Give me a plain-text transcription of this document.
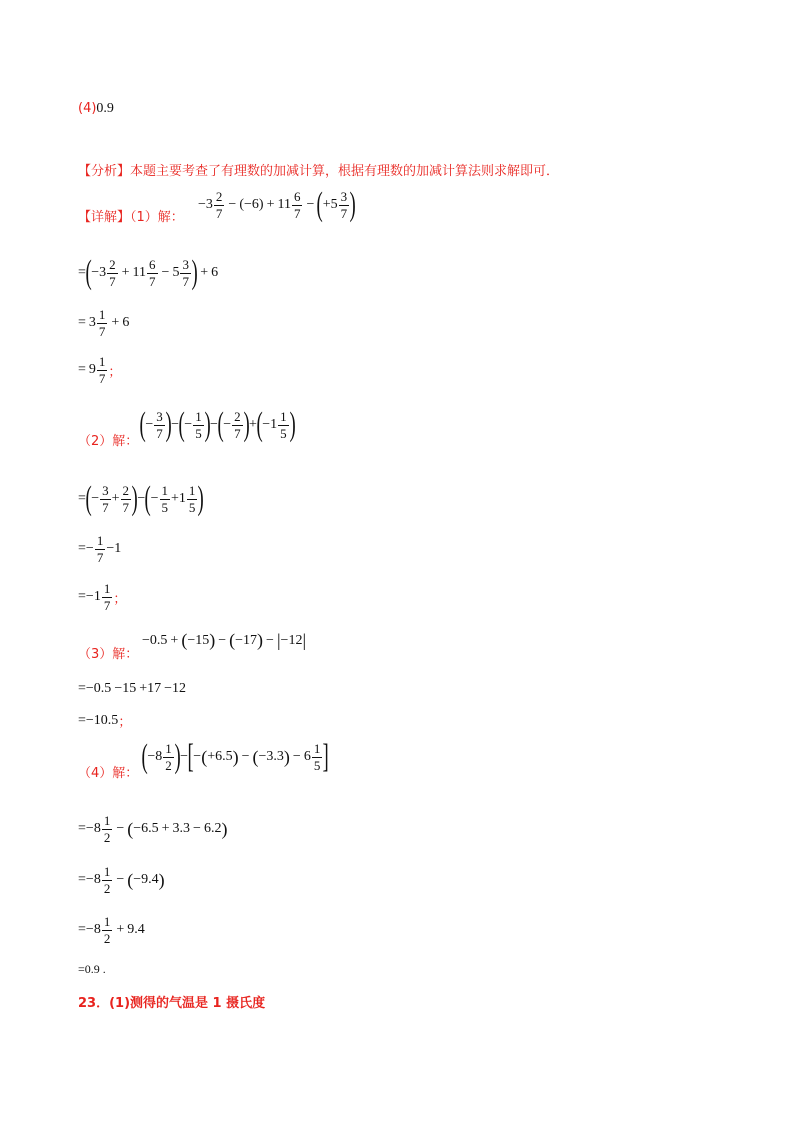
(4)0.9
【分析】本题主要考查了有理数的加减计算，根据有理数的加减计算法则求解即可．
【详解】（1）解：
− $3 \frac{2}{7}$ − ( −6 ) + $11 \frac{6}{7}$ − ( + $5 \frac{3}{7}$ )
= ( − $3 \frac{2}{7} + 11 \frac{6}{7} - 5 \frac{3}{7}$ ) + 6
= $3 \frac{1}{7} + 6$
= $9 \frac{1}{7}$ ；
（2）解： ( − $\frac{3}{7}$ ) − ( − $\frac{1}{5}$ ) − ( − $\frac{2}{7}$ ) + ( − $1 \frac{1}{5}$ )
= ( − $\frac{3}{7} + \frac{2}{7}$ ) − ( − $\frac{1}{5} + 1 \frac{1}{5}$ )
= − $\frac{1}{7} - 1$
= − $1 \frac{1}{7}$ ；
（3）解：
−0.5 + ( −15 ) − ( −17 ) − | −12 |
= −0.5 − 15 + 17 − 12
= −10.5 ；
（4）解： ( − $8 \frac{1}{2}$ ) − [ − ( +6.5 ) − ( −3.3 ) − $6 \frac{1}{5}$ ]
= − $8 \frac{1}{2}$ − ( − 6.5 + 3.3 − 6.2 )
= − $8 \frac{1}{2}$ − ( −9.4 )
= − $8 \frac{1}{2} + 9.4$
= 0.9 .
23．(1)测得的气温是 1 摄氏度
